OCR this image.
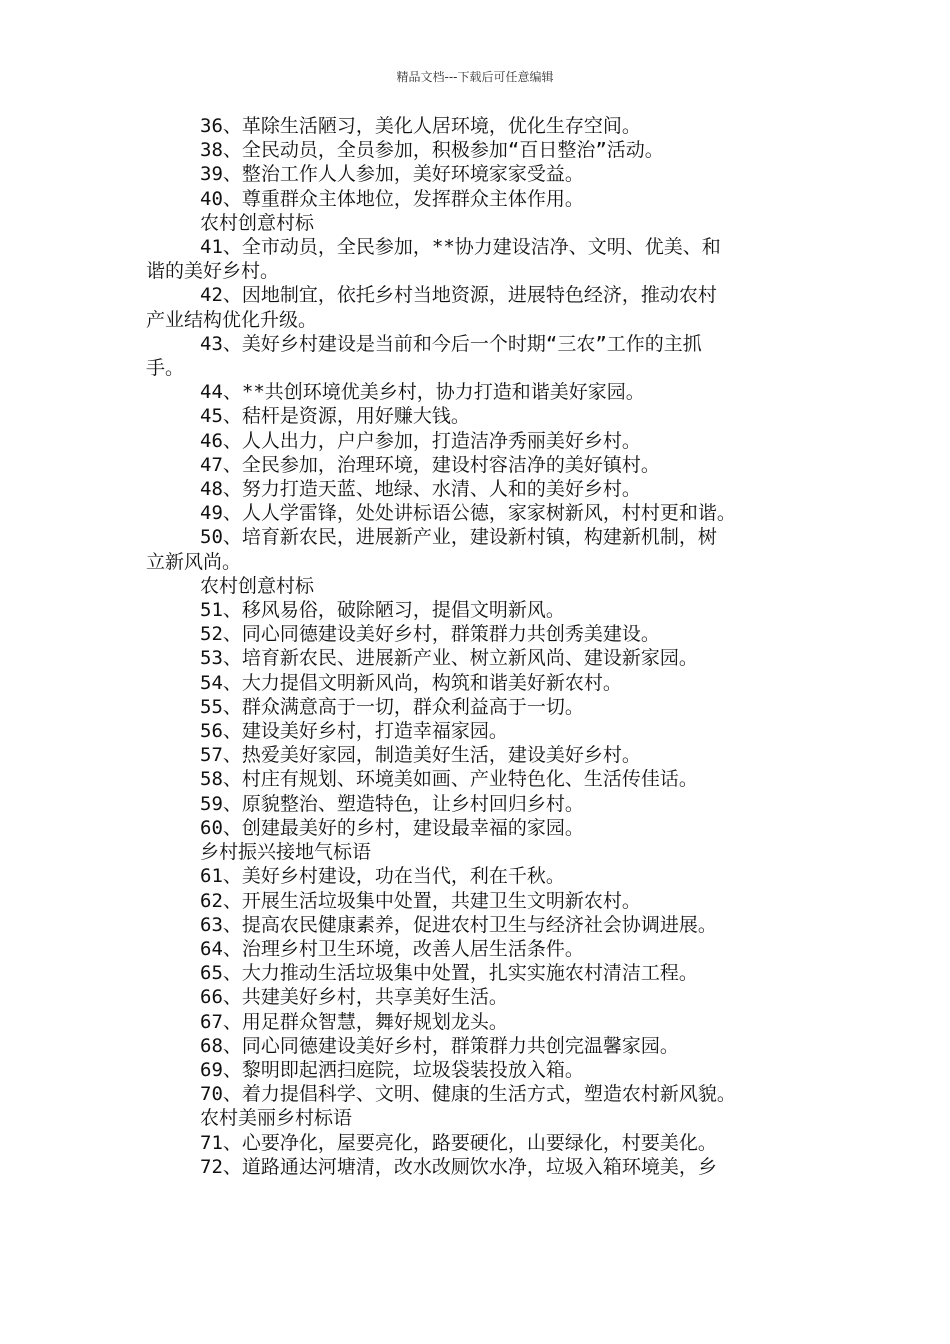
精品文档---下载后可任意编辑
36、革除生活陋习，美化人居环境，优化生存空间。
38、全民动员，全员参加，积极参加“百日整治”活动。
39、整治工作人人参加，美好环境家家受益。
40、尊重群众主体地位，发挥群众主体作用。
农村创意村标
41、全市动员，全民参加，**协力建设洁净、文明、优美、和
谐的美好乡村。
42、因地制宜，依托乡村当地资源，进展特色经济，推动农村
产业结构优化升级。
43、美好乡村建设是当前和今后一个时期“三农”工作的主抓
手。
44、**共创环境优美乡村，协力打造和谐美好家园。
45、秸杆是资源，用好赚大钱。
46、人人出力，户户参加，打造洁净秀丽美好乡村。
47、全民参加，治理环境，建设村容洁净的美好镇村。
48、努力打造天蓝、地绿、水清、人和的美好乡村。
49、人人学雷锋，处处讲标语公德，家家树新风，村村更和谐。
50、培育新农民，进展新产业，建设新村镇，构建新机制，树
立新风尚。
农村创意村标
51、移风易俗，破除陋习，提倡文明新风。
52、同心同德建设美好乡村，群策群力共创秀美建设。
53、培育新农民、进展新产业、树立新风尚、建设新家园。
54、大力提倡文明新风尚，构筑和谐美好新农村。
55、群众满意高于一切，群众利益高于一切。
56、建设美好乡村，打造幸福家园。
57、热爱美好家园，制造美好生活，建设美好乡村。
58、村庄有规划、环境美如画、产业特色化、生活传佳话。
59、原貌整治、塑造特色，让乡村回归乡村。
60、创建最美好的乡村，建设最幸福的家园。
乡村振兴接地气标语
61、美好乡村建设，功在当代，利在千秋。
62、开展生活垃圾集中处置，共建卫生文明新农村。
63、提高农民健康素养，促进农村卫生与经济社会协调进展。
64、治理乡村卫生环境，改善人居生活条件。
65、大力推动生活垃圾集中处置，扎实实施农村清洁工程。
66、共建美好乡村，共享美好生活。
67、用足群众智慧，舞好规划龙头。
68、同心同德建设美好乡村，群策群力共创完温馨家园。
69、黎明即起洒扫庭院，垃圾袋装投放入箱。
70、着力提倡科学、文明、健康的生活方式，塑造农村新风貌。
农村美丽乡村标语
71、心要净化，屋要亮化，路要硬化，山要绿化，村要美化。
72、道路通达河塘清，改水改厕饮水净，垃圾入箱环境美，乡
